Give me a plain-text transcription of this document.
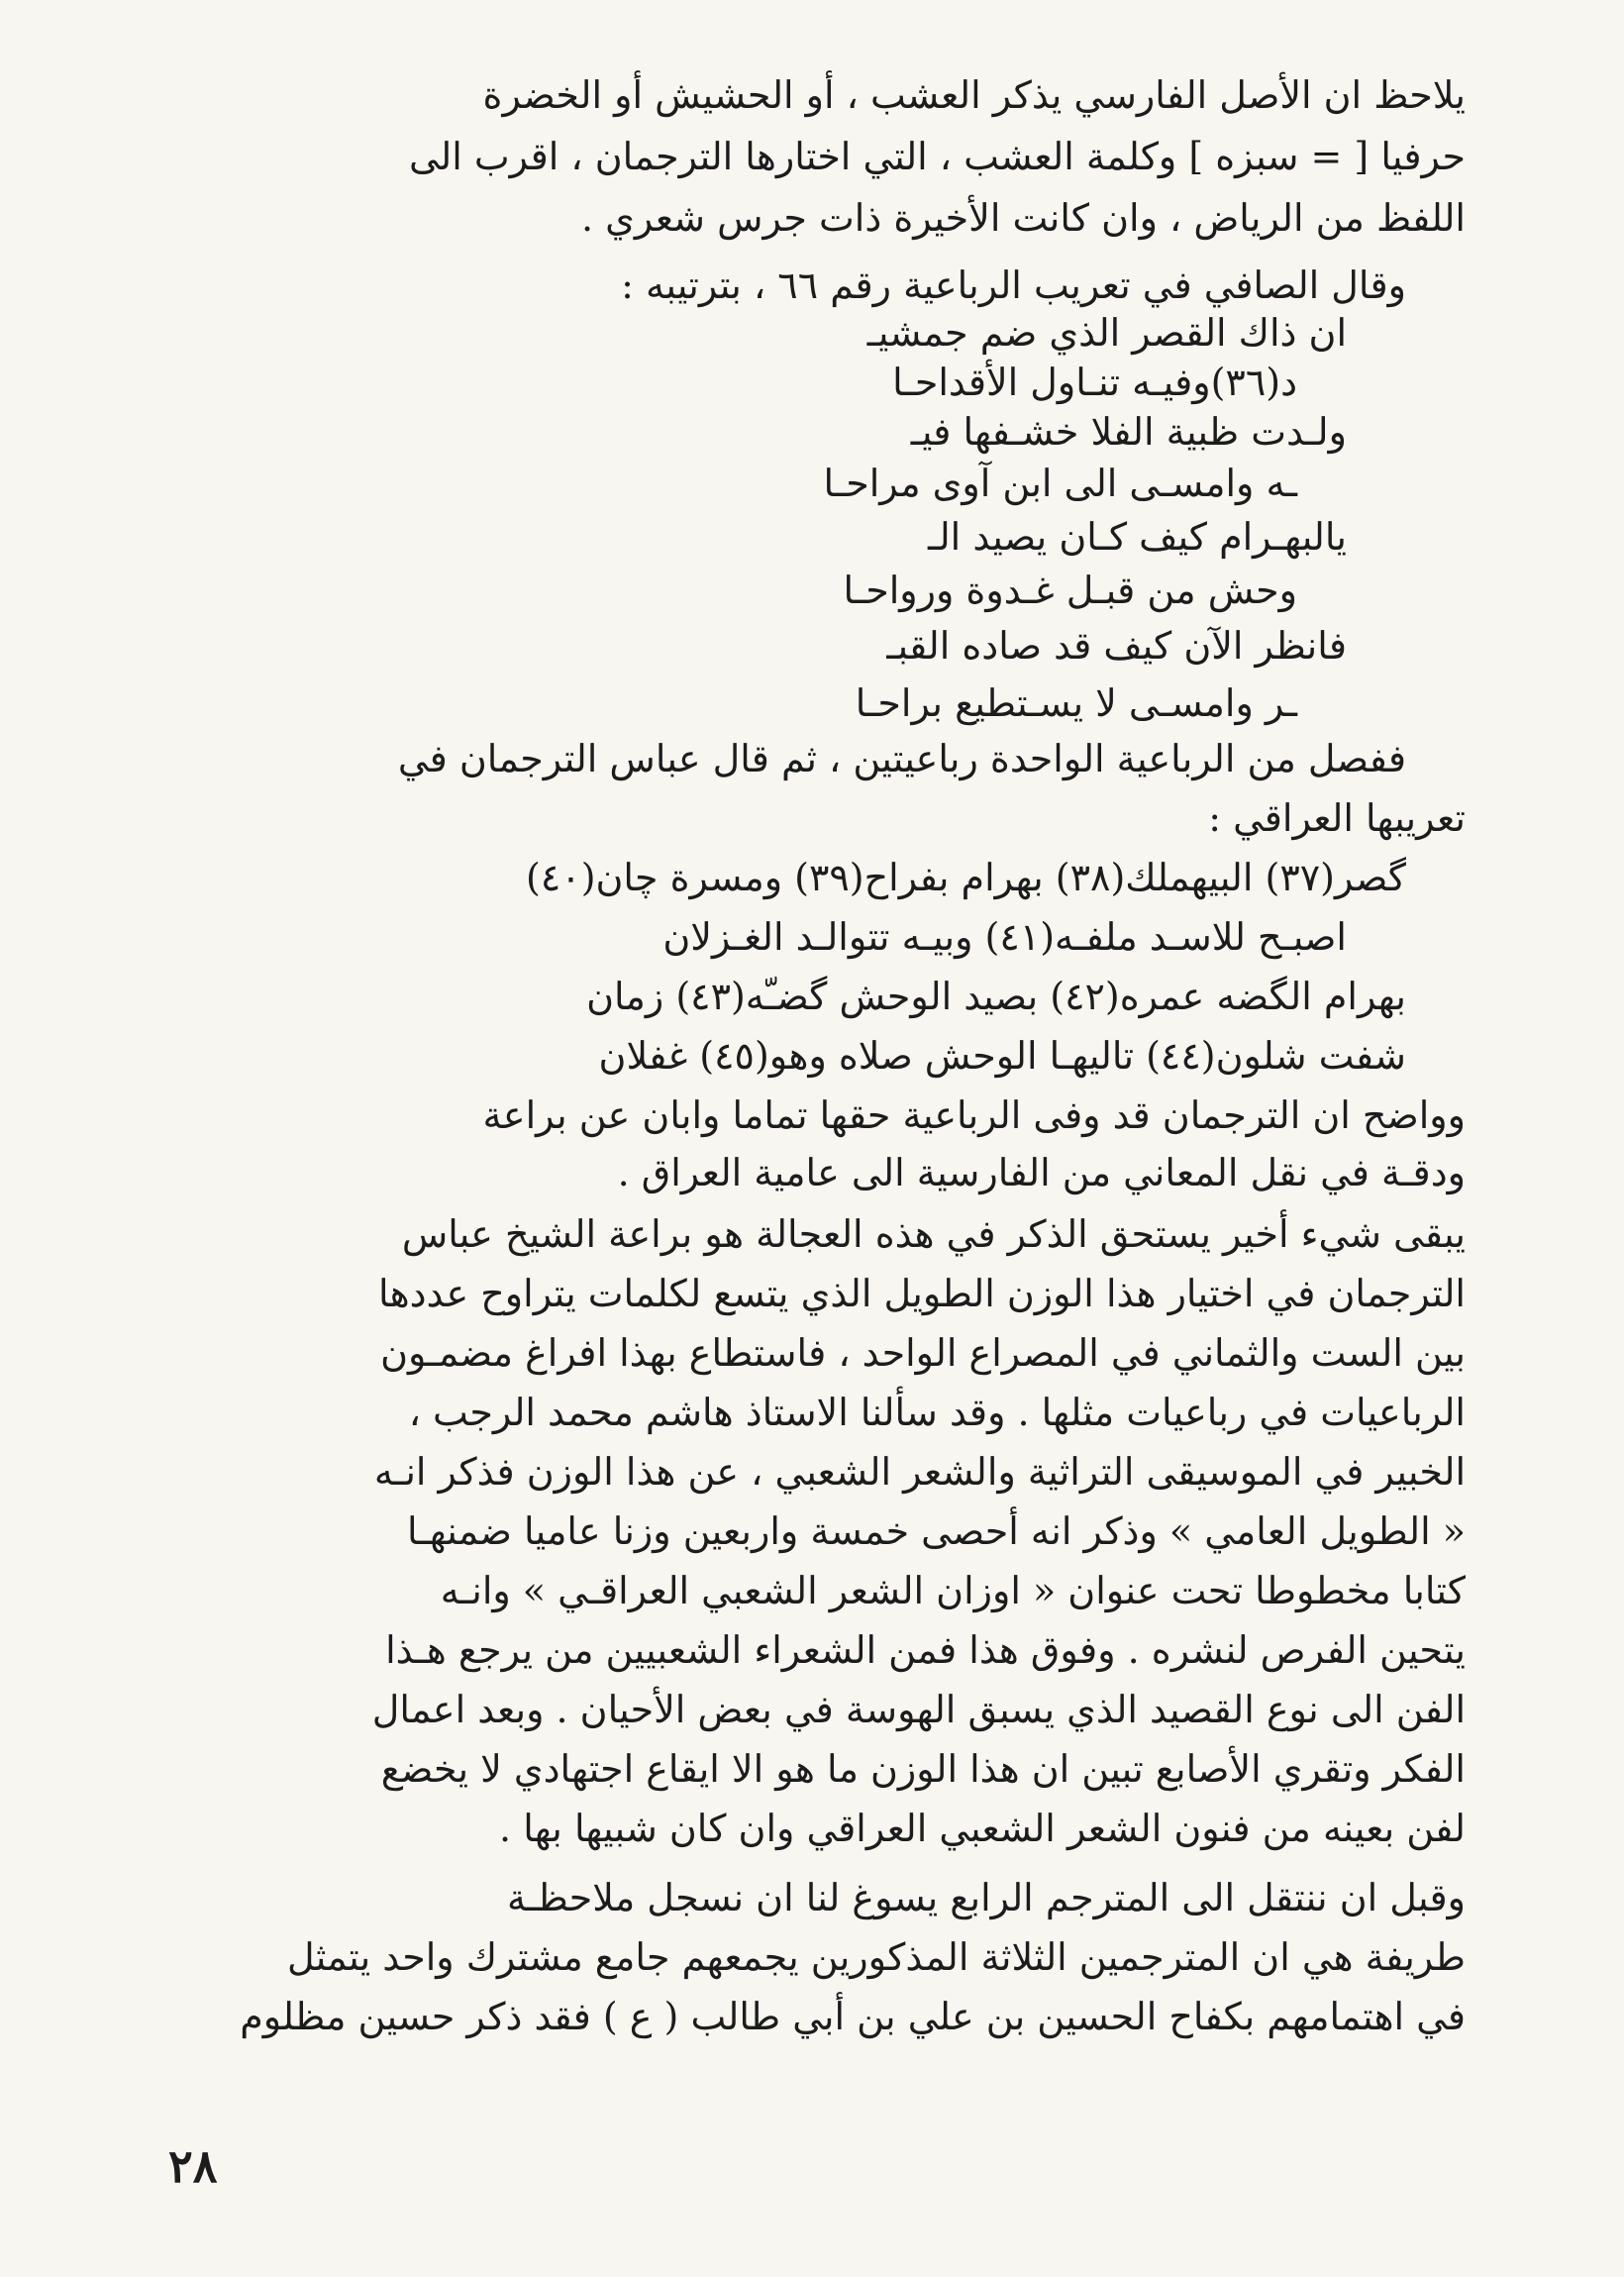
يلاحظ ان الأصل الفارسي يذكر العشب ، أو الحشيش أو الخضرة
حرفيا [ = سبزه ] وكلمة العشب ، التي اختارها الترجمان ، اقرب الى
اللفظ من الرياض ، وان كانت الأخيرة ذات جرس شعري .
وقال الصافي في تعريب الرباعية رقم ٦٦ ، بترتيبه :
ان ذاك القصر الذي ضم جمشيـ
د(٣٦)وفيـه تنـاول الأقداحـا
ولـدت ظبية الفلا خشـفها فيـ
ـه وامسـى الى ابن آوى مراحـا
يالبهـرام كيف كـان يصيد الـ
وحش من قبـل غـدوة ورواحـا
فانظر الآن كيف قد صاده القبـ
ـر وامسـى لا يسـتطيع براحـا
ففصل من الرباعية الواحدة رباعيتين ، ثم قال عباس الترجمان في
تعريبها العراقي :
گصر(٣٧) البيهملك(٣٨) بهرام بفراح(٣٩) ومسرة چان(٤٠)
اصبـح للاسـد ملفـه(٤١) وبيـه تتوالـد الغـزلان
بهرام الگضه عمره(٤٢) بصيد الوحش گضـّه(٤٣) زمان
شفت شلون(٤٤) تاليهـا الوحش صلاه وهو(٤٥) غفلان
وواضح ان الترجمان قد وفى الرباعية حقها تماما وابان عن براعة
ودقـة في نقل المعاني من الفارسية الى عامية العراق .
يبقى شيء أخير يستحق الذكر في هذه العجالة هو براعة الشيخ عباس
الترجمان في اختيار هذا الوزن الطويل الذي يتسع لكلمات يتراوح عددها
بين الست والثماني في المصراع الواحد ، فاستطاع بهذا افراغ مضمـون
الرباعيات في رباعيات مثلها . وقد سألنا الاستاذ هاشم محمد الرجب ،
الخبير في الموسيقى التراثية والشعر الشعبي ، عن هذا الوزن فذكر انـه
« الطويل العامي » وذكر انه أحصى خمسة واربعين وزنا عاميا ضمنهـا
كتابا مخطوطا تحت عنوان « اوزان الشعر الشعبي العراقـي » وانـه
يتحين الفرص لنشره . وفوق هذا فمن الشعراء الشعبيين من يرجع هـذا
الفن الى نوع القصيد الذي يسبق الهوسة في بعض الأحيان . وبعد اعمال
الفكر وتقري الأصابع تبين ان هذا الوزن ما هو الا ايقاع اجتهادي لا يخضع
لفن بعينه من فنون الشعر الشعبي العراقي وان كان شبيها بها .
وقبل ان ننتقل الى المترجم الرابع يسوغ لنا ان نسجل ملاحظـة
طريفة هي ان المترجمين الثلاثة المذكورين يجمعهم جامع مشترك واحد يتمثل
في اهتمامهم بكفاح الحسين بن علي بن أبي طالب ( ع ) فقد ذكر حسين مظلوم
٢٨
